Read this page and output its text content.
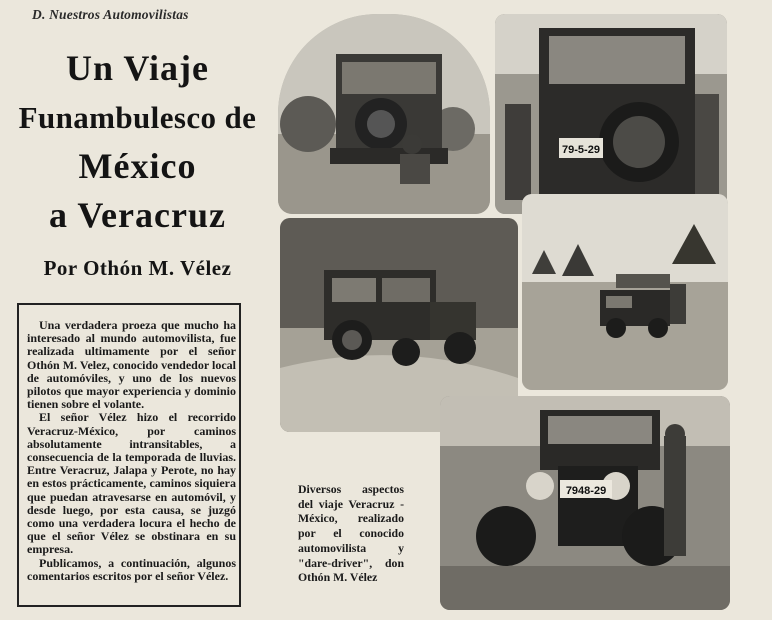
D. Nuestros Automovilistas
Un Viaje
Funambulesco de
México
a Veracruz
Por Othón M. Vélez

Una verdadera proeza que mucho ha interesado al mundo automovilista, fue realizada ultimamente por el señor Othón M. Velez, conocido vendedor local de automóviles, y uno de los nuevos pilotos que mayor experiencia y dominio tienen sobre el volante.

El señor Vélez hizo el recorrido Veracruz-México, por caminos absolutamente intransitables, a consecuencia de la temporada de lluvias. Entre Veracruz, Jalapa y Perote, no hay en estos prácticamente, caminos siquiera que puedan atravesarse en automóvil, y desde luego, por esta causa, se juzgó como una verdadera locura el hecho de que el señor Vélez se obstinara en su empresa.

Publicamos, a continuación, algunos comentarios escritos por el señor Vélez.

79-5-29
7948-29
Diversos aspectos del viaje Veracruz - México, realizado por el conocido automovilista y "dare-driver", don Othón M. Vélez
